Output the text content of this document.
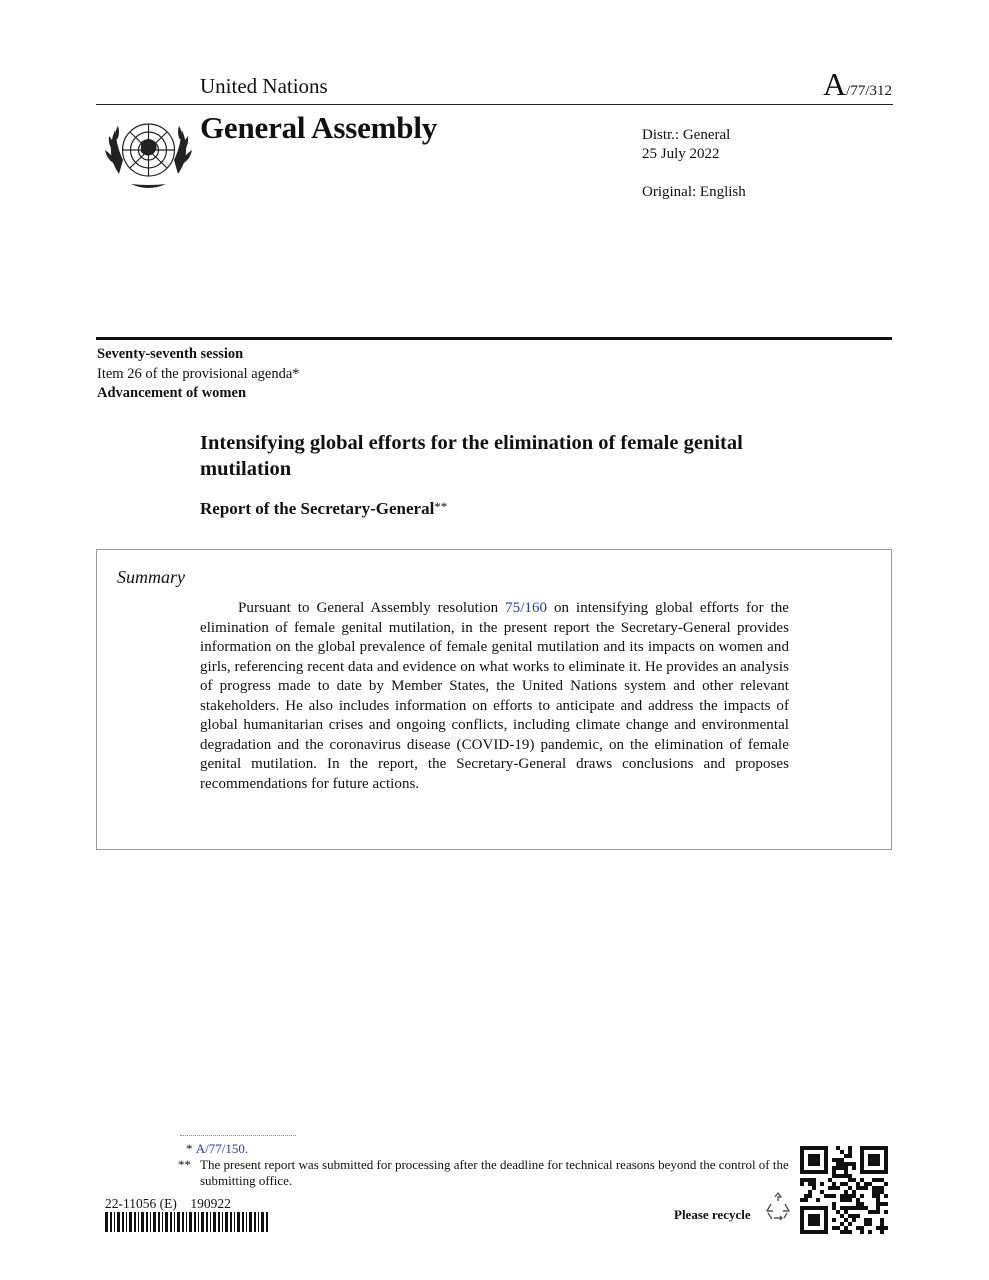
United Nations	A/77/312
General Assembly	Distr.: General
25 July 2022
Original: English
Seventy-seventh session
Item 26 of the provisional agenda*
Advancement of women
Intensifying global efforts for the elimination of female genital mutilation
Report of the Secretary-General**
Summary
Pursuant to General Assembly resolution 75/160 on intensifying global efforts for the elimination of female genital mutilation, in the present report the Secretary-General provides information on the global prevalence of female genital mutilation and its impacts on women and girls, referencing recent data and evidence on what works to eliminate it. He provides an analysis of progress made to date by Member States, the United Nations system and other relevant stakeholders. He also includes information on efforts to anticipate and address the impacts of global humanitarian crises and ongoing conflicts, including climate change and environmental degradation and the coronavirus disease (COVID-19) pandemic, on the elimination of female genital mutilation. In the report, the Secretary-General draws conclusions and proposes recommendations for future actions.
* A/77/150.
** The present report was submitted for processing after the deadline for technical reasons beyond the control of the submitting office.
22-11056 (E)    190922
Please recycle
